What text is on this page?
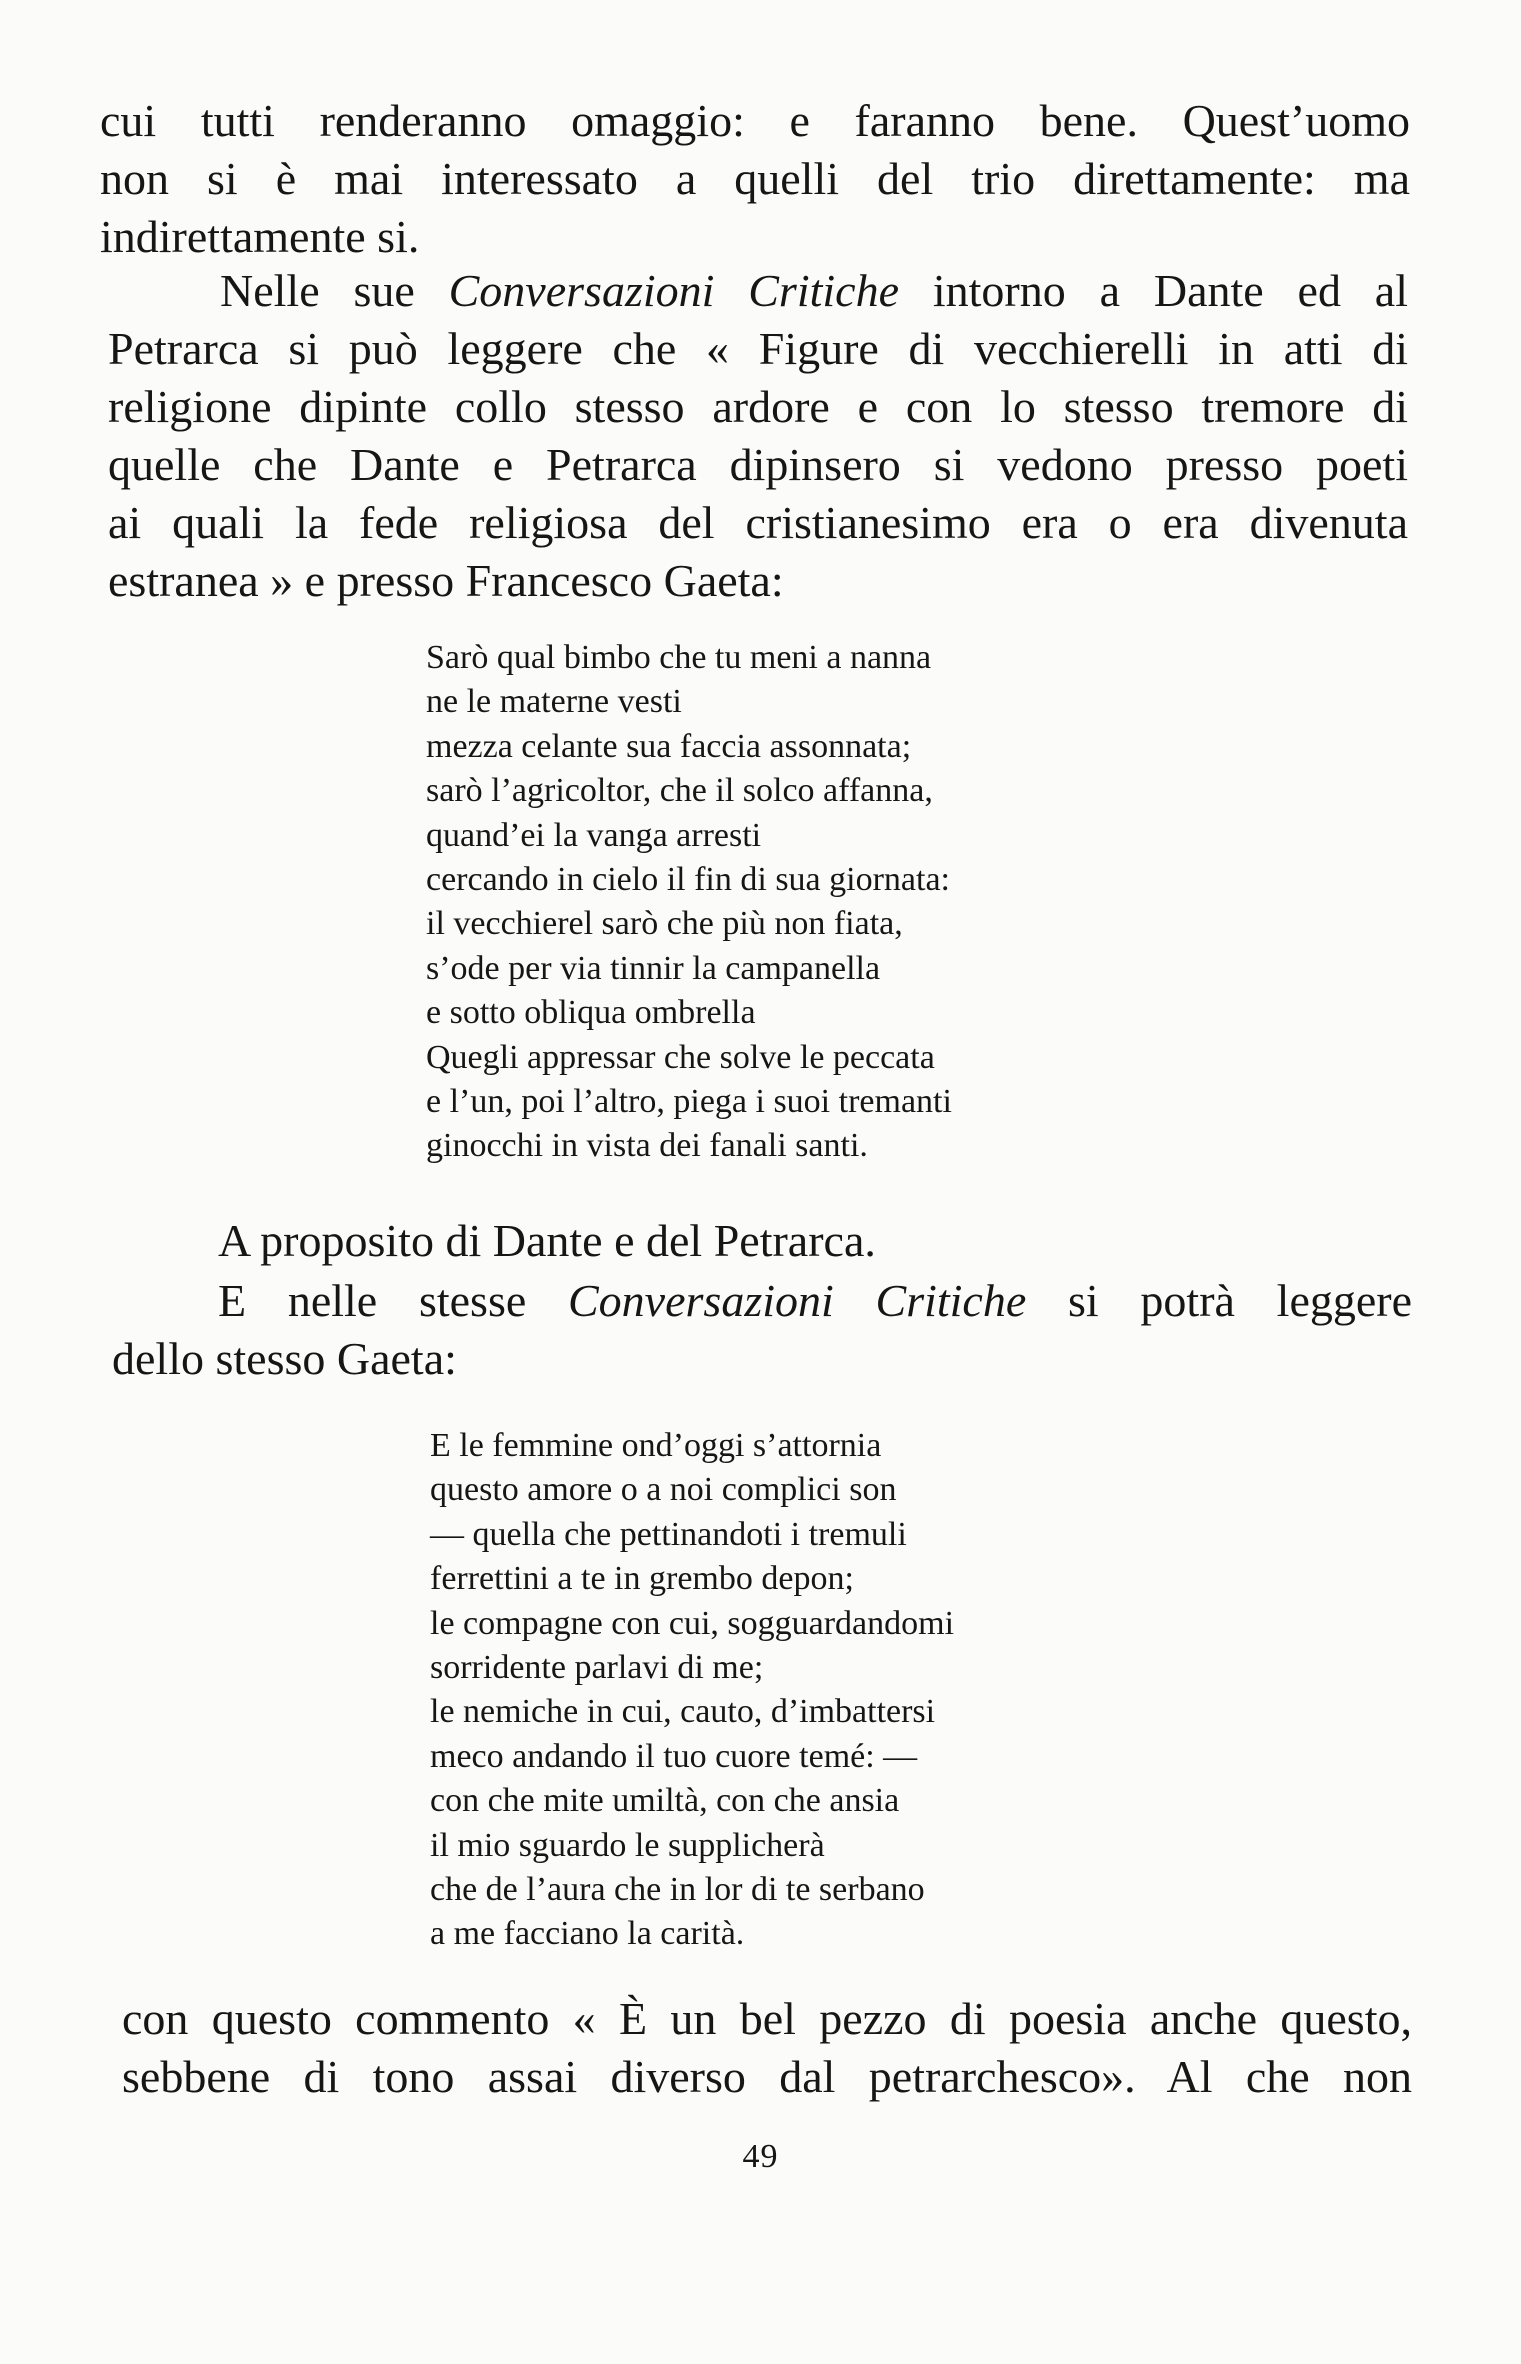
cui tutti renderanno omaggio: e faranno bene. Quest’uomo
non si è mai interessato a quelli del trio direttamente: ma
indirettamente si.
Nelle sue Conversazioni Critiche intorno a Dante ed al
Petrarca si può leggere che « Figure di vecchierelli in atti di
religione dipinte collo stesso ardore e con lo stesso tremore di
quelle che Dante e Petrarca dipinsero si vedono presso poeti
ai quali la fede religiosa del cristianesimo era o era divenuta
estranea » e presso Francesco Gaeta:
Sarò qual bimbo che tu meni a nanna
ne le materne vesti
mezza celante sua faccia assonnata;
sarò l’agricoltor, che il solco affanna,
quand’ei la vanga arresti
cercando in cielo il fin di sua giornata:
il vecchierel sarò che più non fiata,
s’ode per via tinnir la campanella
e sotto obliqua ombrella
Quegli appressar che solve le peccata
e l’un, poi l’altro, piega i suoi tremanti
ginocchi in vista dei fanali santi.
A proposito di Dante e del Petrarca.
E nelle stesse Conversazioni Critiche si potrà leggere
dello stesso Gaeta:
E le femmine ond’oggi s’attornia
questo amore o a noi complici son
— quella che pettinandoti i tremuli
ferrettini a te in grembo depon;
le compagne con cui, sogguardandomi
sorridente parlavi di me;
le nemiche in cui, cauto, d’imbattersi
meco andando il tuo cuore temé: —
con che mite umiltà, con che ansia
il mio sguardo le supplicherà
che de l’aura che in lor di te serbano
a me facciano la carità.
con questo commento « È un bel pezzo di poesia anche questo,
sebbene di tono assai diverso dal petrarchesco». Al che non
49
